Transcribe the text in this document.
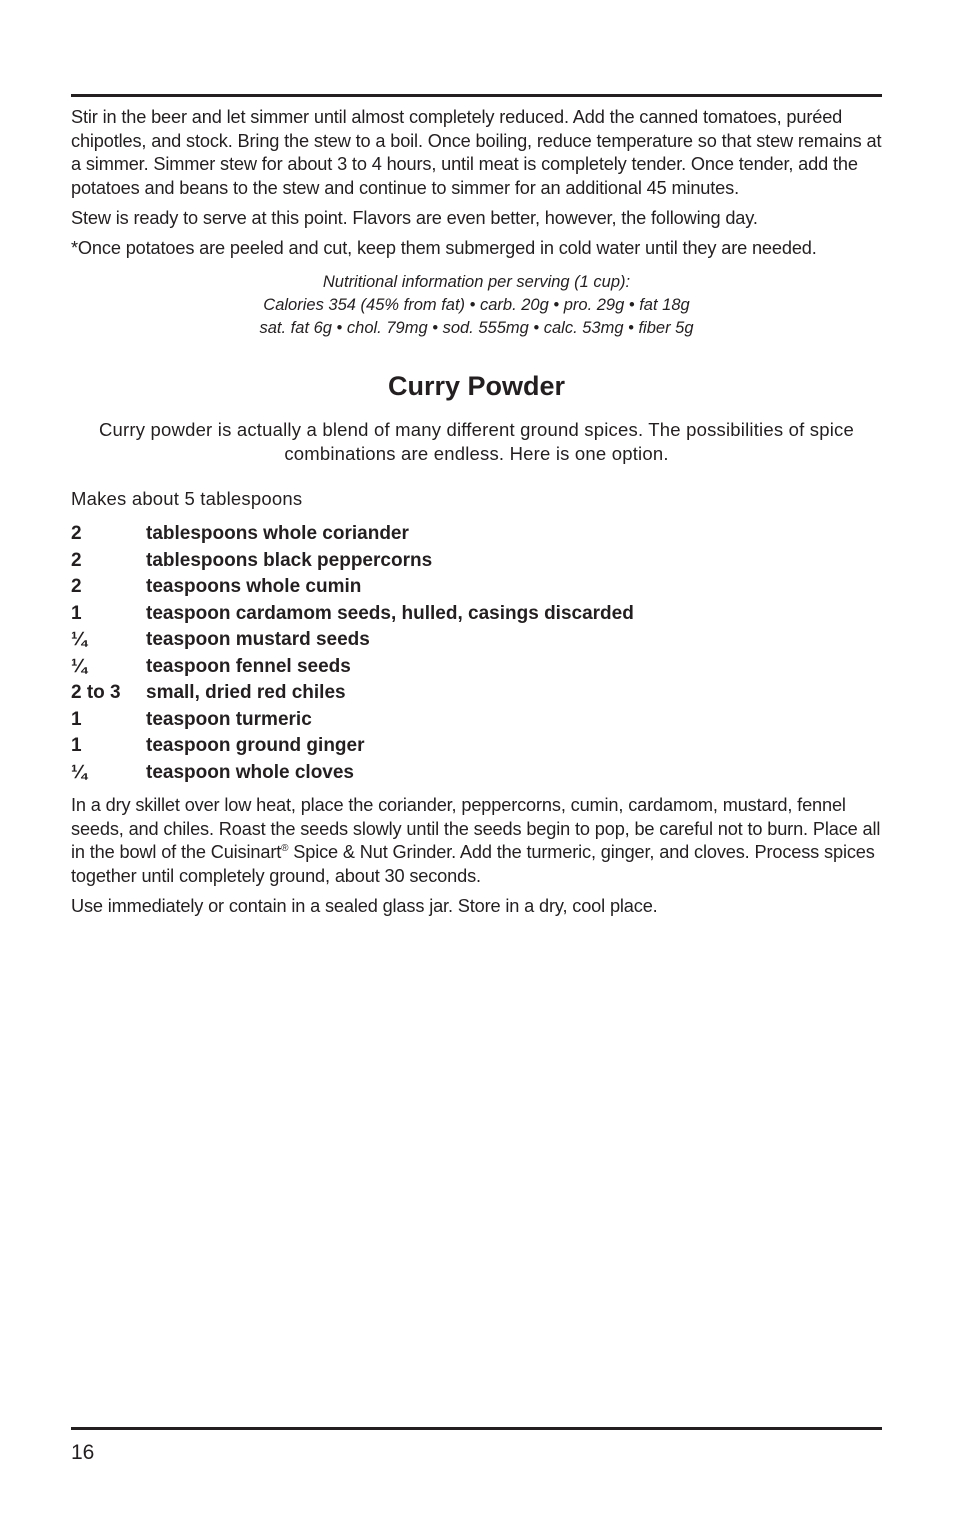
Stir in the beer and let simmer until almost completely reduced. Add the canned tomatoes, puréed chipotles, and stock. Bring the stew to a boil. Once boiling, reduce temperature so that stew remains at a simmer. Simmer stew for about 3 to 4 hours, until meat is completely tender. Once tender, add the potatoes and beans to the stew and continue to simmer for an additional 45 minutes.

Stew is ready to serve at this point. Flavors are even better, however, the following day.

*Once potatoes are peeled and cut, keep them submerged in cold water until they are needed.

Nutritional information per serving (1 cup):
Calories 354 (45% from fat) • carb. 20g • pro. 29g • fat 18g
sat. fat 6g • chol. 79mg • sod. 555mg • calc. 53mg • fiber 5g
Curry Powder

Curry powder is actually a blend of many different ground spices. The possibilities of spice combinations are endless. Here is one option.

Makes about 5 tablespoons

2	tablespoons whole coriander
2	tablespoons black peppercorns
2	teaspoons whole cumin
1	teaspoon cardamom seeds, hulled, casings discarded
¼	teaspoon mustard seeds
¼	teaspoon fennel seeds
2 to 3	small, dried red chiles
1	teaspoon turmeric
1	teaspoon ground ginger
¼	teaspoon whole cloves

In a dry skillet over low heat, place the coriander, peppercorns, cumin, cardamom, mustard, fennel seeds, and chiles. Roast the seeds slowly until the seeds begin to pop, be careful not to burn. Place all in the bowl of the Cuisinart® Spice & Nut Grinder. Add the turmeric, ginger, and cloves. Process spices together until completely ground, about 30 seconds.

Use immediately or contain in a sealed glass jar. Store in a dry, cool place.

16
